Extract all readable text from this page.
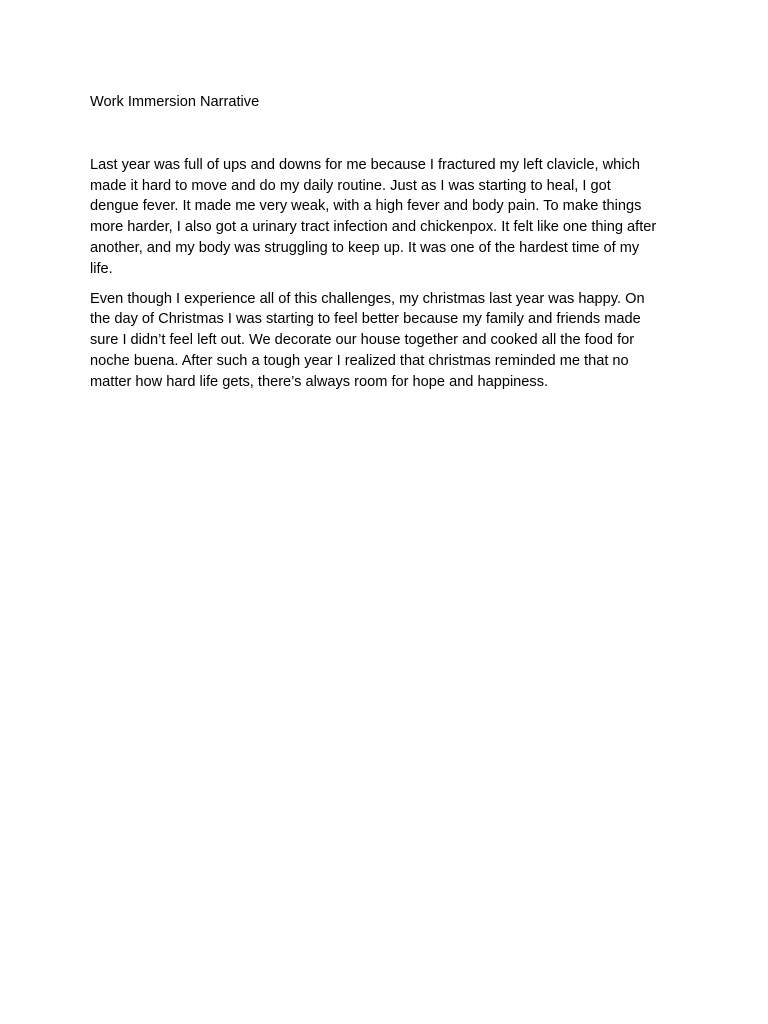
Work Immersion Narrative

Last year was full of ups and downs for me because I fractured my left clavicle, which
made it hard to move and do my daily routine. Just as I was starting to heal, I got
dengue fever. It made me very weak, with a high fever and body pain. To make things
more harder, I also got a urinary tract infection and chickenpox. It felt like one thing after
another, and my body was struggling to keep up. It was one of the hardest time of my
life.

Even though I experience all of this challenges, my christmas last year was happy. On
the day of Christmas I was starting to feel better because my family and friends made
sure I didn’t feel left out. We decorate our house together and cooked all the food for
noche buena. After such a tough year I realized that christmas reminded me that no
matter how hard life gets, there’s always room for hope and happiness.
